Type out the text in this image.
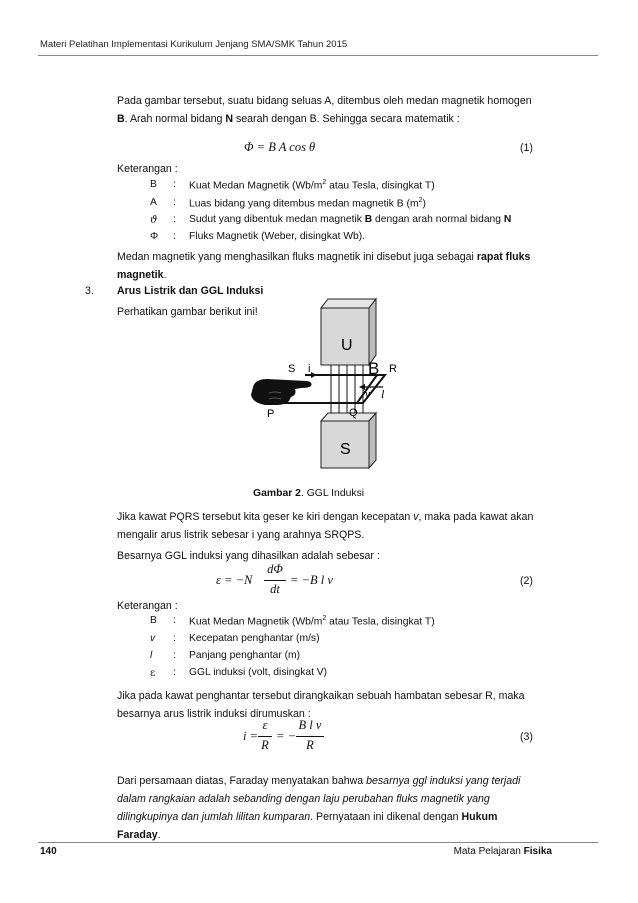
Materi Pelatihan Implementasi Kurikulum Jenjang SMA/SMK Tahun 2015
Pada gambar tersebut, suatu bidang seluas A, ditembus oleh medan magnetik homogen
B. Arah normal bidang N searah dengan B. Sehingga secara matematik :
Φ = B A cos θ	(1)
Keterangan :
B : Kuat Medan Magnetik ($Wb/m^2$ atau Tesla, disingkat T)
A : Luas bidang yang ditembus medan magnetik B $(m^2)$
ϑ : Sudut yang dibentuk medan magnetik B dengan arah normal bidang N
Φ : Fluks Magnetik (Weber, disingkat Wb).
Medan magnetik yang menghasilkan fluks magnetik ini disebut juga sebagai rapat fluks
magnetik.
3. Arus Listrik dan GGL Induksi
Perhatikan gambar berikut ini!
U
S
S i	B R
v l
Q
P
Gambar 2. GGL Induksi
Jika kawat PQRS tersebut kita geser ke kiri dengan kecepatan v, maka pada kawat akan
mengalir arus listrik sebesar i yang arahnya SRQPS.
Besarnya GGL induksi yang dihasilkan adalah sebesar :
ε = −N
dΦ
dt
= −B l v	(2)
Keterangan :
B : Kuat Medan Magnetik ($Wb/m^2$ atau Tesla, disingkat T)
v : Kecepatan penghantar (m/s)
l : Panjang penghantar (m)
ε : GGL induksi (volt, disingkat V)
Jika pada kawat penghantar tersebut dirangkaikan sebuah hambatan sebesar R, maka
besarnya arus listrik induksi dirumuskan :
i =
ε
R
= −
B l v
R
(3)
Dari persamaan diatas, Faraday menyatakan bahwa besarnya ggl induksi yang terjadi
dalam rangkaian adalah sebanding dengan laju perubahan fluks magnetik yang
dilingkupinya dan jumlah lilitan kumparan. Pernyataan ini dikenal dengan Hukum
Faraday.
140	Mata Pelajaran Fisika
